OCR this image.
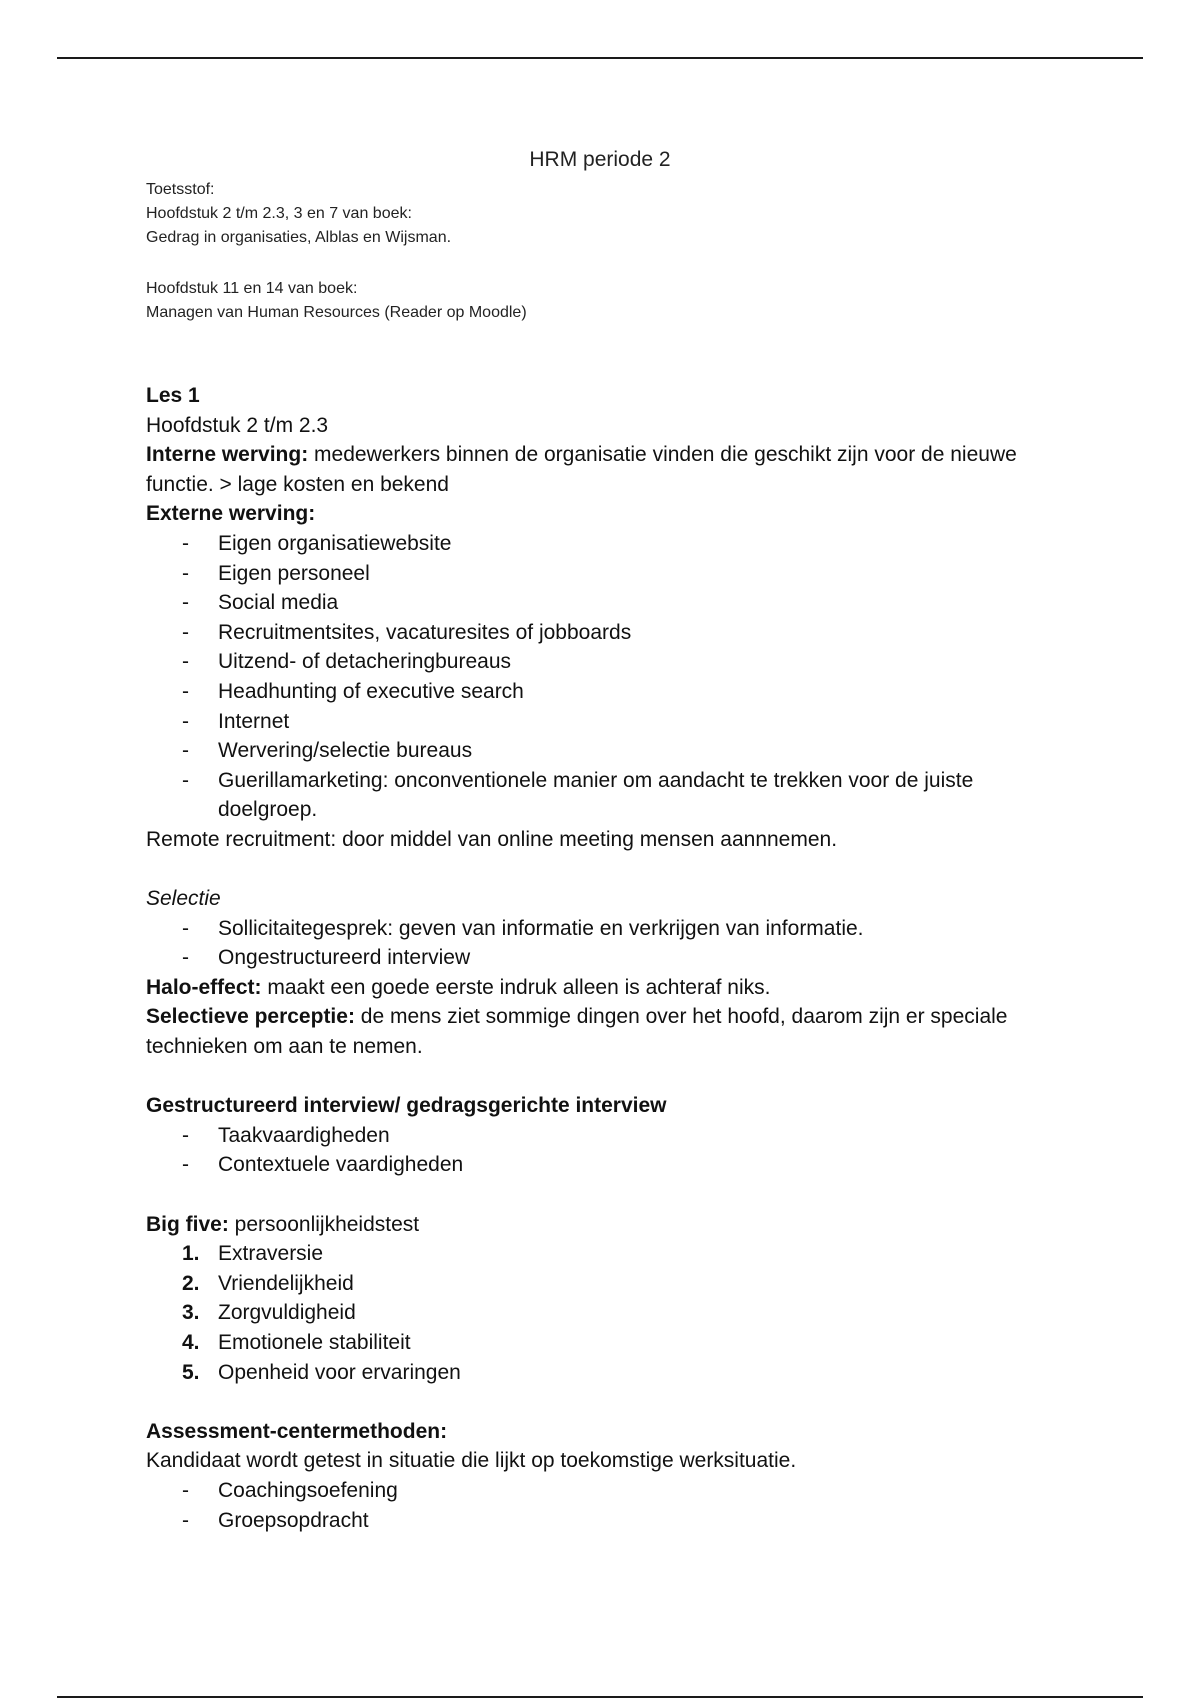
HRM periode 2
Toetsstof:
Hoofdstuk 2 t/m 2.3, 3 en 7 van boek:
Gedrag in organisaties, Alblas en Wijsman.
Hoofdstuk 11 en 14 van boek:
Managen van Human Resources (Reader op Moodle)

Les 1

Hoofdstuk 2 t/m 2.3

Interne werving: medewerkers binnen de organisatie vinden die geschikt zijn voor de nieuwe functie. > lage kosten en bekend

Externe werving:

- Eigen organisatiewebsite
- Eigen personeel
- Social media
- Recruitmentsites, vacaturesites of jobboards
- Uitzend- of detacheringbureaus
- Headhunting of executive search
- Internet
- Wervering/selectie bureaus
- Guerillamarketing: onconventionele manier om aandacht te trekken voor de juiste doelgroep.

Remote recruitment: door middel van online meeting mensen aannnemen.

Selectie

- Sollicitaitegesprek: geven van informatie en verkrijgen van informatie.
- Ongestructureerd interview

Halo-effect: maakt een goede eerste indruk alleen is achteraf niks.

Selectieve perceptie: de mens ziet sommige dingen over het hoofd, daarom zijn er speciale technieken om aan te nemen.

Gestructureerd interview/ gedragsgerichte interview

- Taakvaardigheden
- Contextuele vaardigheden

Big five: persoonlijkheidstest

1. Extraversie
2. Vriendelijkheid
3. Zorgvuldigheid
4. Emotionele stabiliteit
5. Openheid voor ervaringen

Assessment-centermethoden:

Kandidaat wordt getest in situatie die lijkt op toekomstige werksituatie.

- Coachingsoefening
- Groepsopdracht
